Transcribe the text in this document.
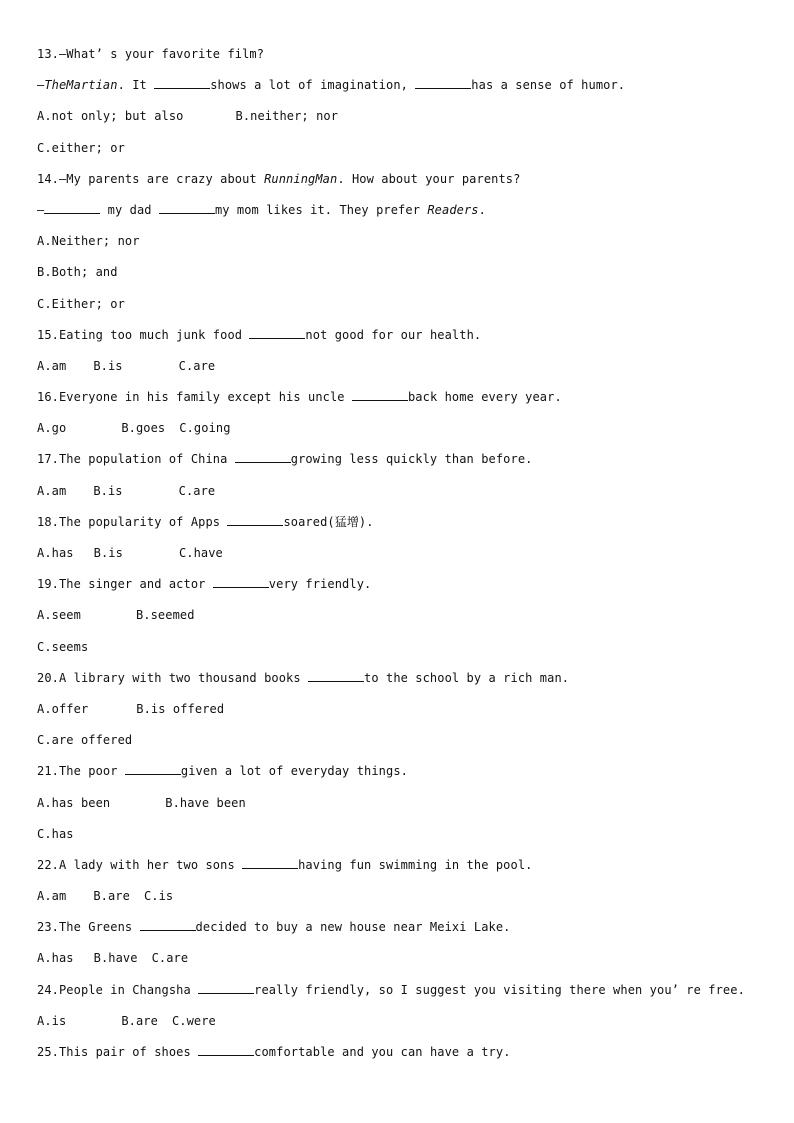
13.—What’ s your favorite film?
—TheMartian. It	shows a lot of imagination,	has a sense of humor.
A.not only; but also	B.neither; nor
C.either; or
14.—My parents are crazy about RunningMan. How about your parents?
—	my dad	my mom likes it. They prefer Readers.
A.Neither; nor
B.Both; and
C.Either; or
15.Eating too much junk food	not good for our health.
A.am B.is	C.are
16.Everyone in his family except his uncle	back home every year.
A.go	B.goes C.going
17.The population of China	growing less quickly than before.
A.am B.is	C.are
18.The popularity of Apps	soared(猛增).
A.has B.is	C.have
19.The singer and actor	very friendly.
A.seem	B.seemed
C.seems
20.A library with two thousand books	to the school by a rich man.
A.offer	B.is offered
C.are offered
21.The poor	given a lot of everyday things.
A.has been	B.have been
C.has
22.A lady with her two sons	having fun swimming in the pool.
A.am B.are C.is
23.The Greens	decided to buy a new house near Meixi Lake.
A.has B.have C.are
24.People in Changsha	really friendly, so I suggest you visiting there when you’ re free.
A.is	B.are C.were
25.This pair of shoes	comfortable and you can have a try.
